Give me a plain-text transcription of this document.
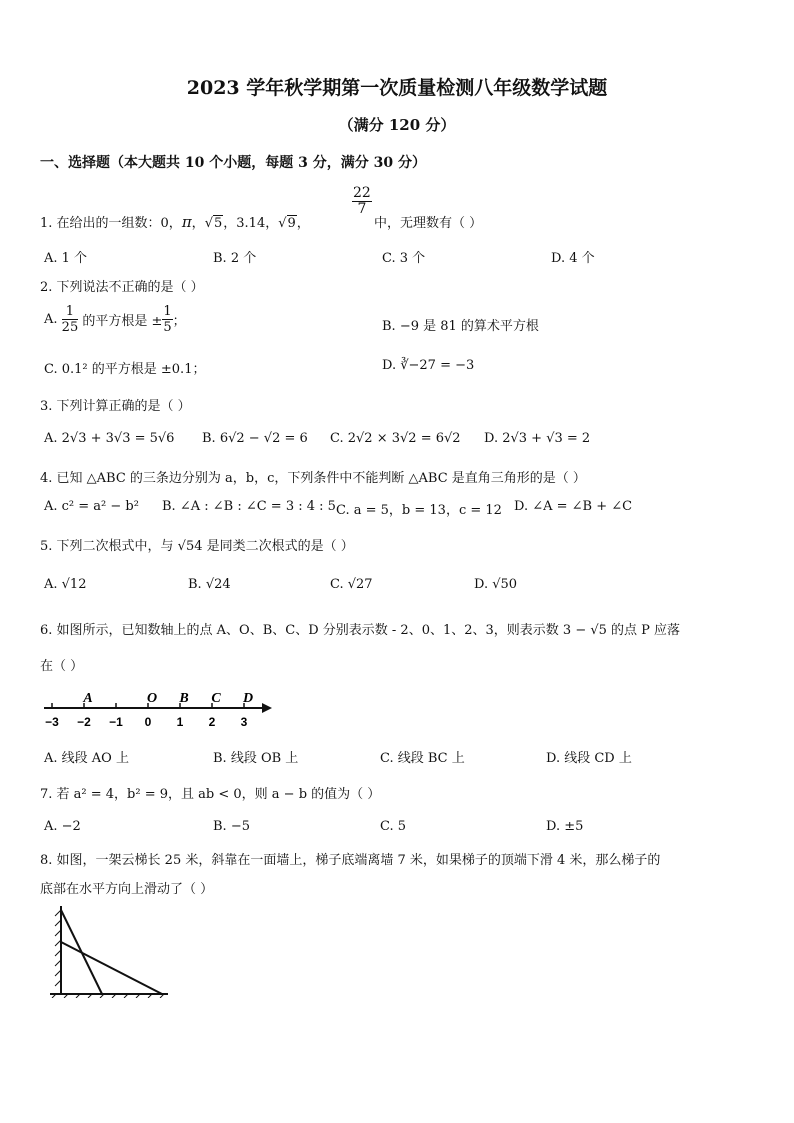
2023 学年秋学期第一次质量检测八年级数学试题
（满分 120 分）
一、选择题（本大题共 10 个小题，每题 3 分，满分 30 分）
1. 在给出的一组数：0，π，√5，3.14，√9，
$\frac{22}{7}$
中，无理数有（ ）
A. 1 个	B. 2 个	C. 3 个	D. 4 个
2. 下列说法不正确的是（ ）
A. $\frac{1}{25}$ 的平方根是 ± $\frac{1}{5}$ ；	B. −9 是 81 的算术平方根
C. 0.1² 的平方根是 ±0.1；	D. ∛−27 = −3
3. 下列计算正确的是（ ）
A. 2√3 + 3√3 = 5√6 B. 6√2 − √2 = 6 C. 2√2 × 3√2 = 6√2 D. 2√3 + √3 = 2
4. 已知 △ABC 的三条边分别为 a，b，c，下列条件中不能判断 △ABC 是直角三角形的是（ ）
A. c² = a² − b² B. ∠A : ∠B : ∠C = 3 : 4 : 5 C. a = 5，b = 13，c = 12 D. ∠A = ∠B + ∠C
5. 下列二次根式中，与 √54 是同类二次根式的是（ ）
A. √12	B. √24	C. √27	D. √50
6. 如图所示，已知数轴上的点 A、O、B、C、D 分别表示数 - 2、0、1、2、3，则表示数 3 − √5 的点 P 应落
在（ ）
A	O B C D
−3 −2 −1 0 1 2 3
A. 线段 AO 上	B. 线段 OB 上	C. 线段 BC 上	D. 线段 CD 上
7. 若 a² = 4，b² = 9，且 ab < 0，则 a − b 的值为（ ）
A. −2	B. −5	C. 5	D. ±5
8. 如图，一架云梯长 25 米，斜靠在一面墙上，梯子底端离墙 7 米，如果梯子的顶端下滑 4 米，那么梯子的
底部在水平方向上滑动了（ ）
